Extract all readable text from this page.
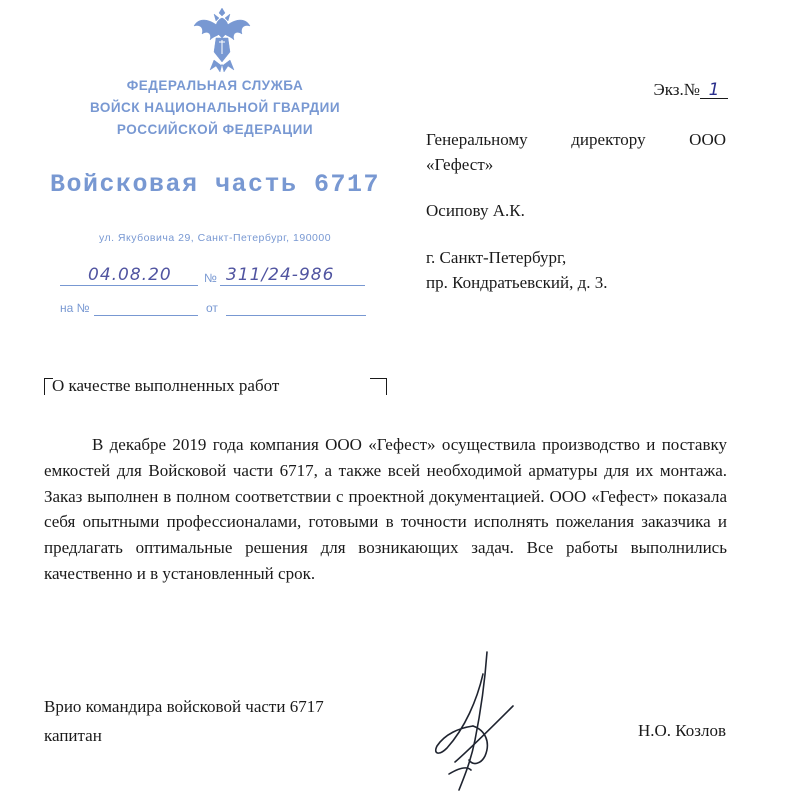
ФЕДЕРАЛЬНАЯ СЛУЖБА
ВОЙСК НАЦИОНАЛЬНОЙ ГВАРДИИ
РОССИЙСКОЙ ФЕДЕРАЦИИ
Войсковая часть 6717
ул. Якубовича 29, Санкт-Петербург, 190000
04.08.20	№ 311/24-986
на №	от
Экз.№ 1
Генеральному директору ООО
«Гефест»
Осипову А.К.
г. Санкт-Петербург,
пр. Кондратьевский, д. 3.
О качестве выполненных работ

В декабре 2019 года компания ООО «Гефест» осуществила производство и поставку емкостей для Войсковой части 6717, а также всей необходимой арматуры для их монтажа. Заказ выполнен в полном соответствии с проектной документацией. ООО «Гефест» показала себя опытными профессионалами, готовыми в точности исполнять пожелания заказчика и предлагать оптимальные решения для возникающих задач. Все работы выполнились качественно и в установленный срок.

Врио командира войсковой части 6717
капитан	Н.О. Козлов
